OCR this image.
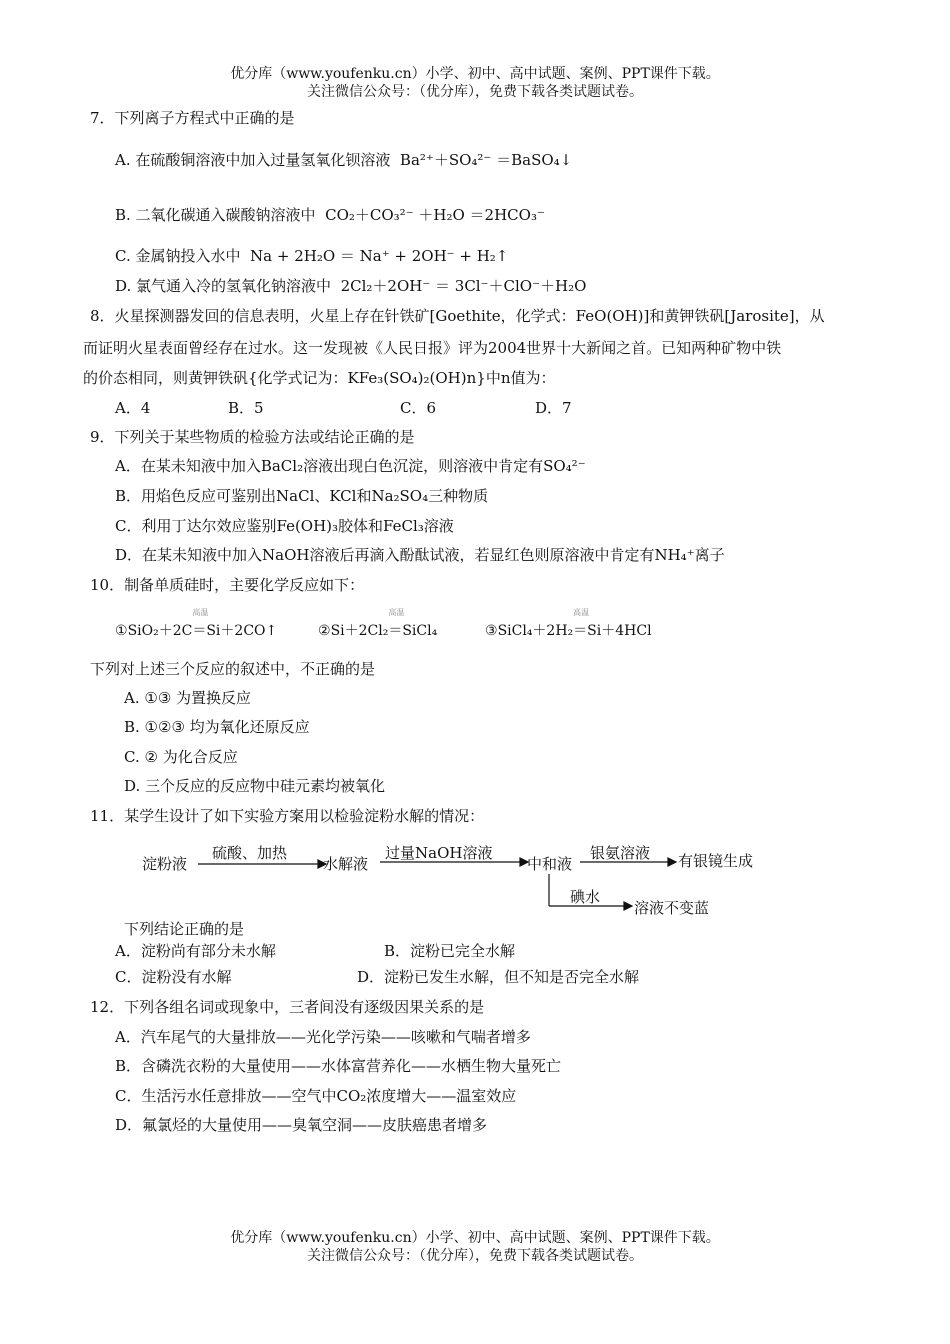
优分库（www.youfenku.cn）小学、初中、高中试题、案例、PPT课件下载。
关注微信公众号：（优分库），免费下载各类试题试卷。
7．下列离子方程式中正确的是
A. 在硫酸铜溶液中加入过量氢氧化钡溶液 Ba²⁺＋SO₄²⁻ ＝BaSO₄↓
B. 二氧化碳通入碳酸钠溶液中 CO₂＋CO₃²⁻ ＋H₂O ＝2HCO₃⁻
C. 金属钠投入水中 Na + 2H₂O ＝ Na⁺ + 2OH⁻ + H₂↑
D. 氯气通入冷的氢氧化钠溶液中 2Cl₂＋2OH⁻ ＝ 3Cl⁻＋ClO⁻＋H₂O
8．火星探测器发回的信息表明，火星上存在针铁矿[Goethite，化学式：FeO(OH)]和黄钾铁矾[Jarosite]，从
而证明火星表面曾经存在过水。这一发现被《人民日报》评为2004世界十大新闻之首。已知两种矿物中铁
的价态相同，则黄钾铁矾{化学式记为：KFe₃(SO₄)₂(OH)n}中n值为：
A．4	B．5	C．6	D．7
9．下列关于某些物质的检验方法或结论正确的是
A．在某未知液中加入BaCl₂溶液出现白色沉淀，则溶液中肯定有SO₄²⁻
B．用焰色反应可鉴别出NaCl、KCl和Na₂SO₄三种物质
C．利用丁达尔效应鉴别Fe(OH)₃胶体和FeCl₃溶液
D．在某未知液中加入NaOH溶液后再滴入酚酞试液，若显红色则原溶液中肯定有NH₄⁺离子
10．制备单质硅时，主要化学反应如下：
①SiO₂＋2C
高温
＝Si＋2CO↑	②Si＋2Cl₂
高温
＝SiCl₄	③SiCl₄＋2H₂
高温
＝Si＋4HCl
下列对上述三个反应的叙述中，不正确的是
A. ①③ 为置换反应
B. ①②③ 均为氧化还原反应
C. ② 为化合反应
D. 三个反应的反应物中硅元素均被氧化
11．某学生设计了如下实验方案用以检验淀粉水解的情况：
淀粉液
硫酸、加热
水解液
过量NaOH溶液
中和液
银氨溶液 有银镜生成
碘水
溶液不变蓝
下列结论正确的是
A．淀粉尚有部分未水解	B．淀粉已完全水解
C．淀粉没有水解	D．淀粉已发生水解，但不知是否完全水解
12．下列各组名词或现象中，三者间没有逐级因果关系的是
A．汽车尾气的大量排放——光化学污染——咳嗽和气喘者增多
B．含磷洗衣粉的大量使用——水体富营养化——水栖生物大量死亡
C．生活污水任意排放——空气中CO₂浓度增大——温室效应
D．氟氯烃的大量使用——臭氧空洞——皮肤癌患者增多
优分库（www.youfenku.cn）小学、初中、高中试题、案例、PPT课件下载。
关注微信公众号：（优分库），免费下载各类试题试卷。
